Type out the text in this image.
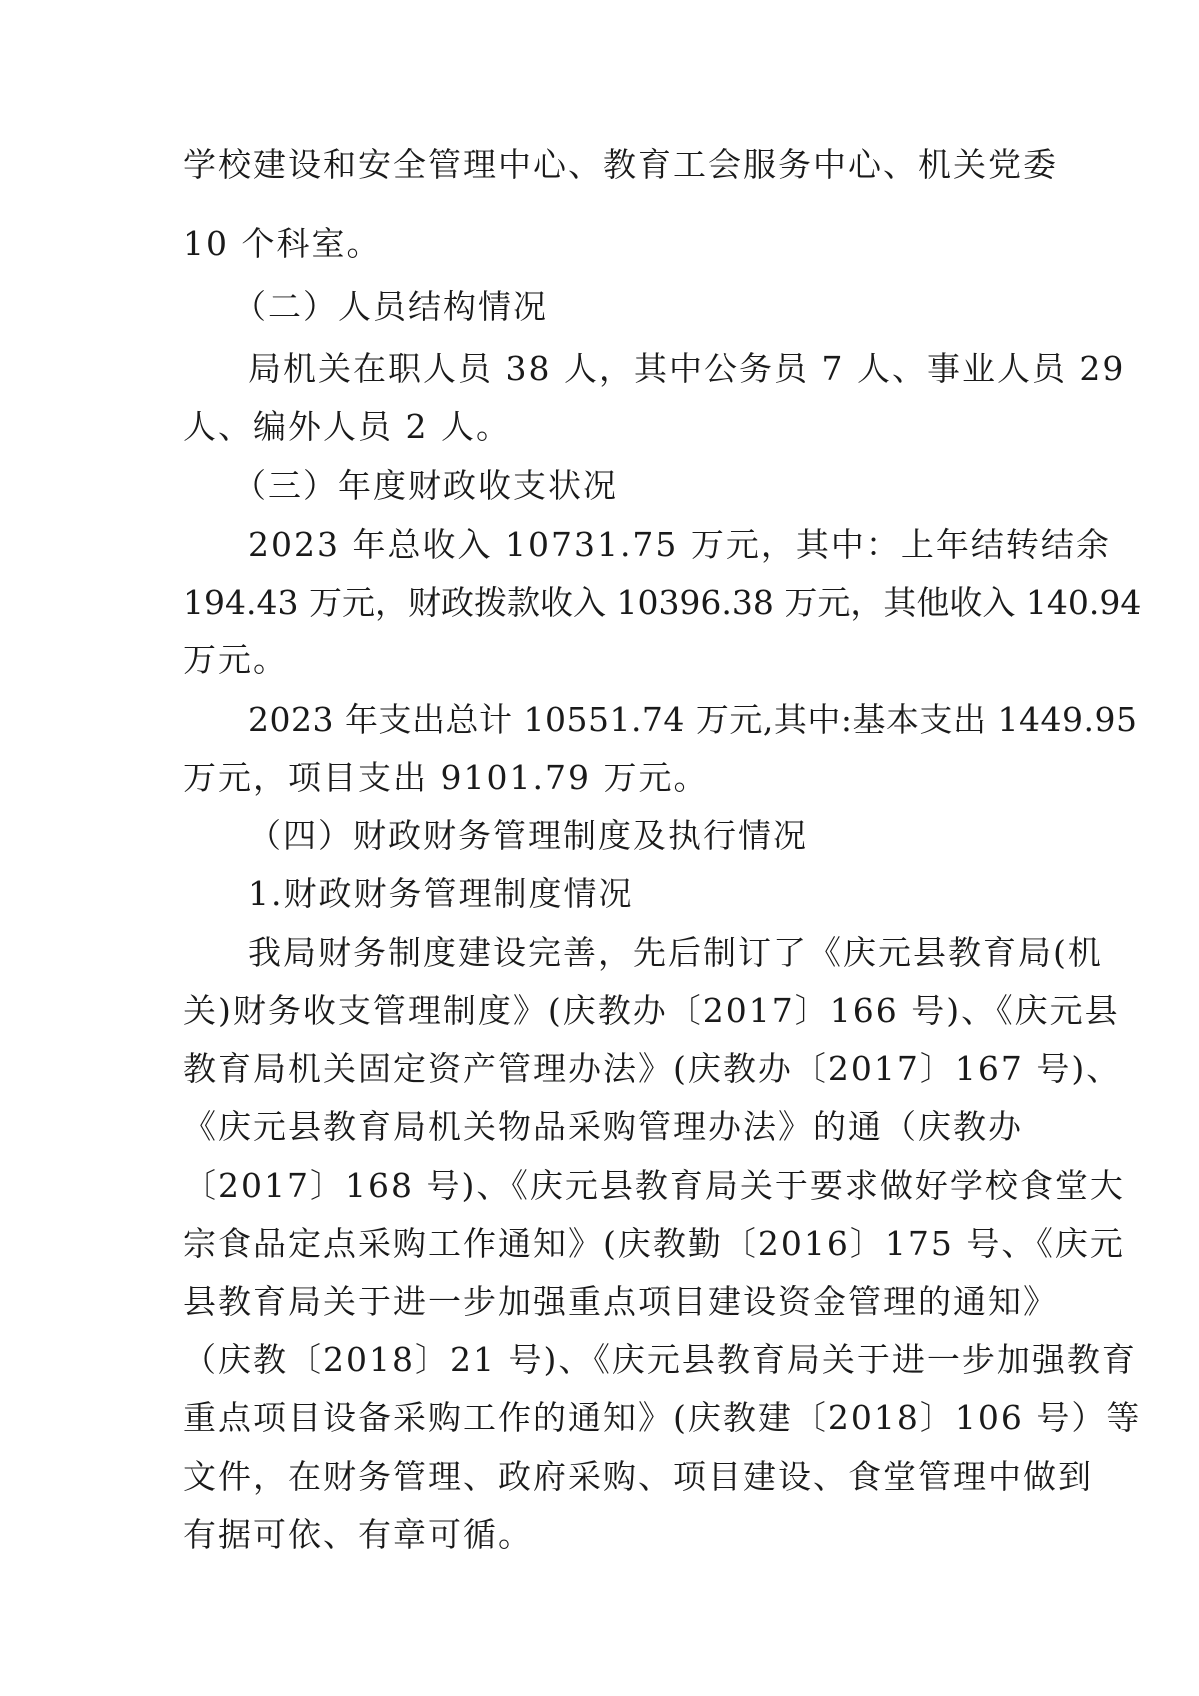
学校建设和安全管理中心、教育工会服务中心、机关党委
10 个科室。
（二）人员结构情况
局机关在职人员 38 人，其中公务员 7 人、事业人员 29
人、编外人员 2 人。
（三）年度财政收支状况
2023 年总收入 10731.75 万元，其中：上年结转结余
194.43 万元，财政拨款收入 10396.38 万元，其他收入 140.94
万元。
2023 年支出总计 10551.74 万元,其中:基本支出 1449.95
万元，项目支出 9101.79 万元。
（四）财政财务管理制度及执行情况
1.财政财务管理制度情况
我局财务制度建设完善，先后制订了《庆元县教育局(机
关)财务收支管理制度》(庆教办〔2017〕166 号)、《庆元县
教育局机关固定资产管理办法》(庆教办〔2017〕167 号)、
《庆元县教育局机关物品采购管理办法》的通（庆教办
〔2017〕168 号)、《庆元县教育局关于要求做好学校食堂大
宗食品定点采购工作通知》(庆教勤〔2016〕175 号、《庆元
县教育局关于进一步加强重点项目建设资金管理的通知》
（庆教〔2018〕21 号)、《庆元县教育局关于进一步加强教育
重点项目设备采购工作的通知》(庆教建〔2018〕106 号）等
文件，在财务管理、政府采购、项目建设、食堂管理中做到
有据可依、有章可循。
